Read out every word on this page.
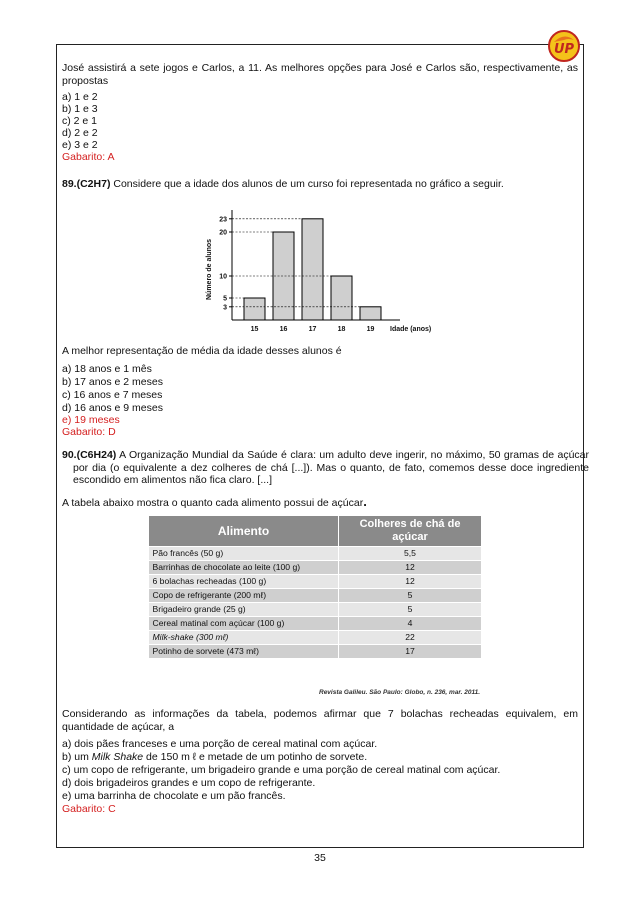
UP
José assistirá a sete jogos e Carlos, a 11. As melhores opções para José e Carlos são, respectivamente, as propostas
a) 1 e 2
b) 1 e 3
c) 2 e 1
d) 2 e 2
e) 3 e 2
Gabarito: A
89.(C2H7) Considere que a idade dos alunos de um curso foi representada no gráfico a seguir.
3
5
10
20
23
15	16	17	18	19
Número de alunos
Idade (anos)
A melhor representação de média da idade desses alunos é
a) 18 anos e 1 mês
b) 17 anos e 2 meses
c) 16 anos e 7 meses
d) 16 anos e 9 meses
e) 19 meses
Gabarito: D
90.(C6H24) A Organização Mundial da Saúde é clara: um adulto deve ingerir, no máximo, 50 gramas de açúcar por dia (o equivalente a dez colheres de chá [...]). Mas o quanto, de fato, comemos desse doce ingrediente escondido em alimentos não fica claro. [...]
A tabela abaixo mostra o quanto cada alimento possui de açúcar.
Alimento	Colheres de chá de açúcar
Pão francês (50 g)	5,5
Barrinhas de chocolate ao leite (100 g)	12
6 bolachas recheadas (100 g)	12
Copo de refrigerante (200 mℓ)	5
Brigadeiro grande (25 g)	5
Cereal matinal com açúcar (100 g)	4
Milk-shake (300 mℓ)	22
Potinho de sorvete (473 mℓ)	17
Revista Galileu. São Paulo: Globo, n. 236, mar. 2011.
Considerando as informações da tabela, podemos afirmar que 7 bolachas recheadas equivalem, em quantidade de açúcar, a
a) dois pães franceses e uma porção de cereal matinal com açúcar.
b) um Milk Shake de 150 m ℓ e metade de um potinho de sorvete.
c) um copo de refrigerante, um brigadeiro grande e uma porção de cereal matinal com açúcar.
d) dois brigadeiros grandes e um copo de refrigerante.
e) uma barrinha de chocolate e um pão francês.
Gabarito: C
35
